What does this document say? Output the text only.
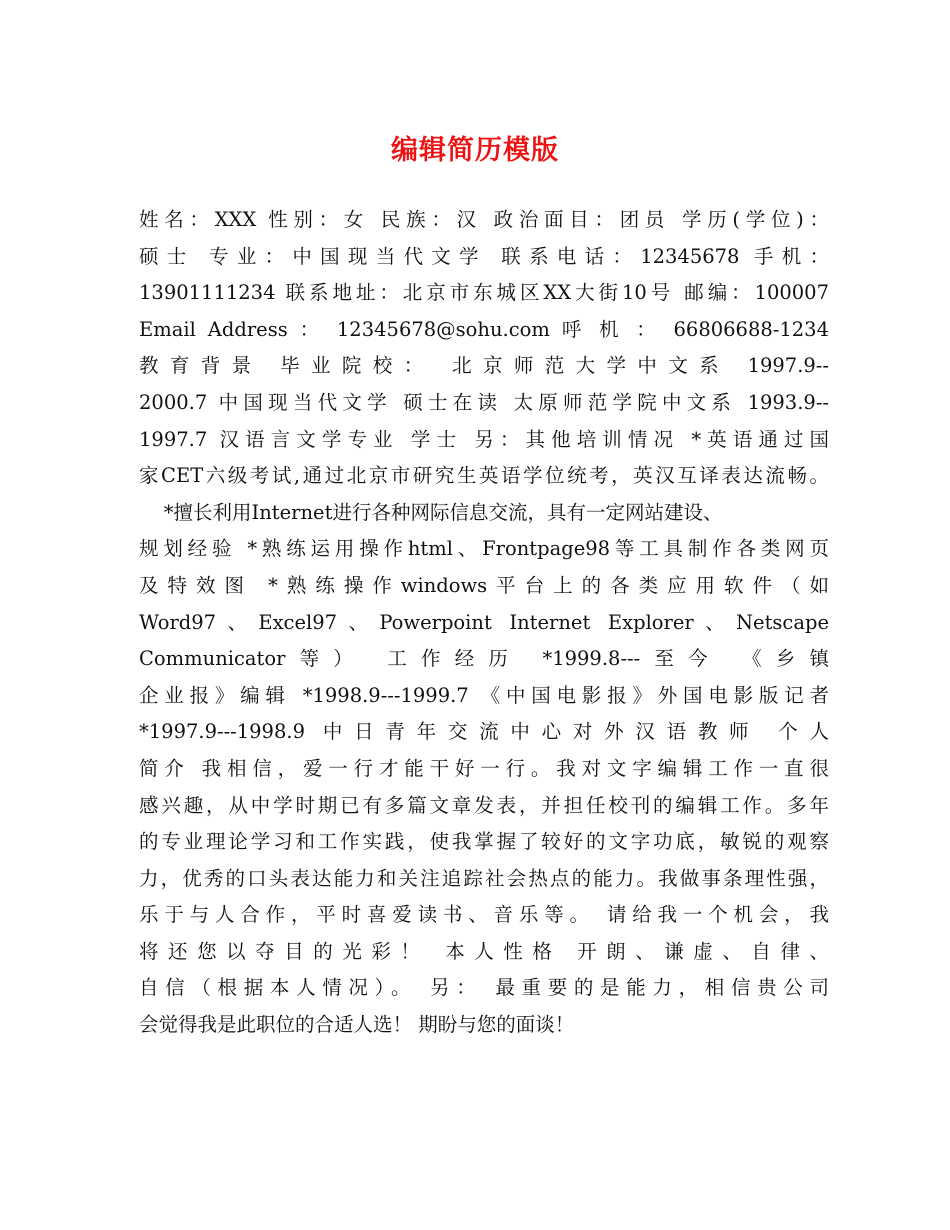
编辑简历模版
姓名：XXX 性别：女 民族：汉 政治面目：团员 学历(学位)：
硕士 专业：中国现当代文学 联系电话：12345678 手机：
13901111234 联系地址：北京市东城区XX大街10号 邮编：100007
Email Address ： 12345678@sohu.com 呼 机 ： 66806688-1234
教育背景 毕业院校： 北京师范大学中文系 1997.9--
2000.7 中国现当代文学 硕士在读 太原师范学院中文系 1993.9--
1997.7 汉语言文学专业 学士 另：其他培训情况 *英语通过国
家CET六级考试,通过北京市研究生英语学位统考，英汉互译表达流畅。
*擅长利用Internet进行各种网际信息交流，具有一定网站建设、
规划经验 *熟练运用操作html、Frontpage98等工具制作各类网页
及特效图 *熟练操作windows平台上的各类应用软件（如
Word97、Excel97、Powerpoint Internet Explorer、Netscape
Communicator等） 工作经历 *1999.8---至今 《乡镇
企业报》编辑 *1998.9---1999.7 《中国电影报》外国电影版记者
*1997.9---1998.9 中日青年交流中心对外汉语教师 个人
简介 我相信，爱一行才能干好一行。我对文字编辑工作一直很
感兴趣，从中学时期已有多篇文章发表，并担任校刊的编辑工作。多年
的专业理论学习和工作实践，使我掌握了较好的文字功底，敏锐的观察
力，优秀的口头表达能力和关注追踪社会热点的能力。我做事条理性强，
乐于与人合作，平时喜爱读书、音乐等。 请给我一个机会，我
将还您以夺目的光彩！ 本人性格 开朗、谦虚、自律、
自信（根据本人情况）。 另： 最重要的是能力，相信贵公司
会觉得我是此职位的合适人选！ 期盼与您的面谈！
